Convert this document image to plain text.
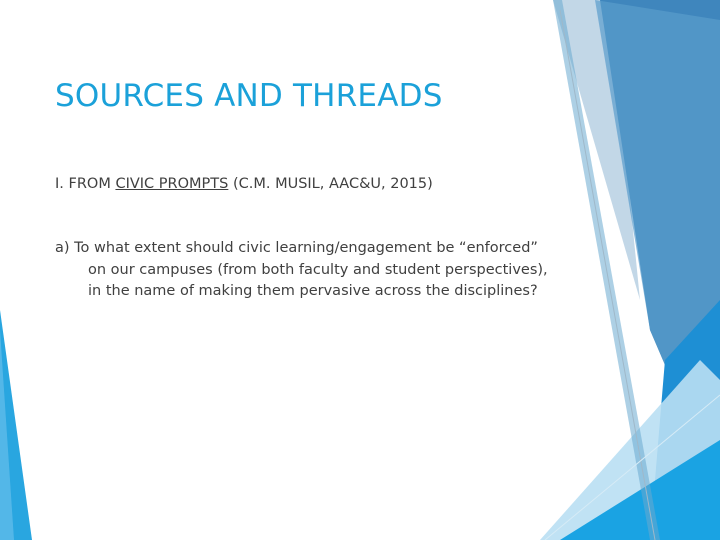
SOURCES AND THREADS

I. FROM CIVIC PROMPTS (C.M. MUSIL, AAC&U, 2015)

a) To what extent should civic learning/engagement be “enforced” on our campuses (from both faculty and student perspectives), in the name of making them pervasive across the disciplines?
